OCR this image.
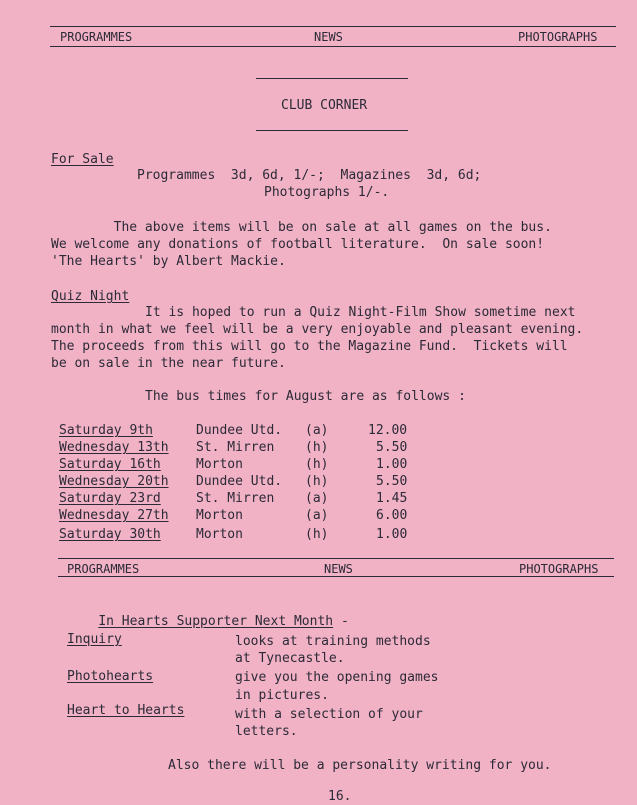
PROGRAMMES	NEWS	PHOTOGRAPHS
CLUB CORNER
For Sale
Programmes  3d, 6d, 1/-;  Magazines  3d, 6d;
Photographs 1/-.
The above items will be on sale at all games on the bus.
We welcome any donations of football literature.  On sale soon!
'The Hearts' by Albert Mackie.
Quiz Night
It is hoped to run a Quiz Night-Film Show sometime next
month in what we feel will be a very enjoyable and pleasant evening.
The proceeds from this will go to the Magazine Fund.  Tickets will
be on sale in the near future.
The bus times for August are as follows :
Saturday 9th	Dundee Utd. (a)	12.00
Wednesday 13th St. Mirren (h)	5.50
Saturday 16th	Morton	(h)	1.00
Wednesday 20th Dundee Utd. (h)	5.50
Saturday 23rd	St. Mirren (a)	1.45
Wednesday 27th Morton	(a)	6.00
Saturday 30th	Morton	(h)	1.00
PROGRAMMES	NEWS	PHOTOGRAPHS

In Hearts Supporter Next Month -

Inquiry	looks at training methods
at Tynecastle.
Photohearts	give you the opening games
in pictures.
Heart to Hearts	with a selection of your
letters.
Also there will be a personality writing for you.
16.
